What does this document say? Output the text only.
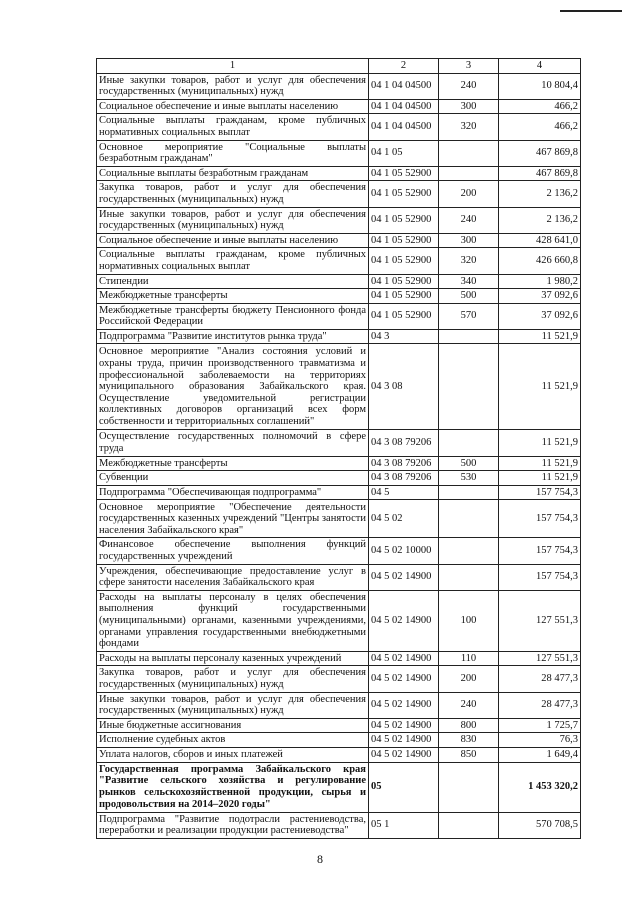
1	2	3	4
Иные закупки товаров, работ и услуг для обеспечения государственных (муниципальных) нужд	04 1 04 04500	240	10 804,4
Социальное обеспечение и иные выплаты населению	04 1 04 04500	300	466,2
Социальные выплаты гражданам, кроме публичных нормативных социальных выплат	04 1 04 04500	320	466,2
Основное мероприятие "Социальные выплаты безработным гражданам"	04 1 05		467 869,8
Социальные выплаты безработным гражданам	04 1 05 52900		467 869,8
Закупка товаров, работ и услуг для обеспечения государственных (муниципальных) нужд	04 1 05 52900	200	2 136,2
Иные закупки товаров, работ и услуг для обеспечения государственных (муниципальных) нужд	04 1 05 52900	240	2 136,2
Социальное обеспечение и иные выплаты населению	04 1 05 52900	300	428 641,0
Социальные выплаты гражданам, кроме публичных нормативных социальных выплат	04 1 05 52900	320	426 660,8
Стипендии	04 1 05 52900	340	1 980,2
Межбюджетные трансферты	04 1 05 52900	500	37 092,6
Межбюджетные трансферты бюджету Пенсионного фонда Российской Федерации	04 1 05 52900	570	37 092,6
Подпрограмма "Развитие институтов рынка труда"	04 3		11 521,9
Основное мероприятие "Анализ состояния условий и охраны труда, причин производственного травматизма и профессиональной заболеваемости на территориях муниципального образования Забайкальского края. Осуществление уведомительной регистрации коллективных договоров организаций всех форм собственности и территориальных соглашений"	04 3 08		11 521,9
Осуществление государственных полномочий в сфере труда	04 3 08 79206		11 521,9
Межбюджетные трансферты	04 3 08 79206	500	11 521,9
Субвенции	04 3 08 79206	530	11 521,9
Подпрограмма "Обеспечивающая подпрограмма"	04 5		157 754,3
Основное мероприятие "Обеспечение деятельности государственных казенных учреждений "Центры занятости населения Забайкальского края"	04 5 02		157 754,3
Финансовое обеспечение выполнения функций государственных учреждений	04 5 02 10000		157 754,3
Учреждения, обеспечивающие предоставление услуг в сфере занятости населения Забайкальского края	04 5 02 14900		157 754,3
Расходы на выплаты персоналу в целях обеспечения выполнения функций государственными (муниципальными) органами, казенными учреждениями, органами управления государственными внебюджетными фондами	04 5 02 14900	100	127 551,3
Расходы на выплаты персоналу казенных учреждений	04 5 02 14900	110	127 551,3
Закупка товаров, работ и услуг для обеспечения государственных (муниципальных) нужд	04 5 02 14900	200	28 477,3
Иные закупки товаров, работ и услуг для обеспечения государственных (муниципальных) нужд	04 5 02 14900	240	28 477,3
Иные бюджетные ассигнования	04 5 02 14900	800	1 725,7
Исполнение судебных актов	04 5 02 14900	830	76,3
Уплата налогов, сборов и иных платежей	04 5 02 14900	850	1 649,4
Государственная программа Забайкальского края "Развитие сельского хозяйства и регулирование рынков сельскохозяйственной продукции, сырья и продовольствия на 2014–2020 годы"	05		1 453 320,2
Подпрограмма "Развитие подотрасли растениеводства, переработки и реализации продукции растениеводства"	05 1		570 708,5
8
